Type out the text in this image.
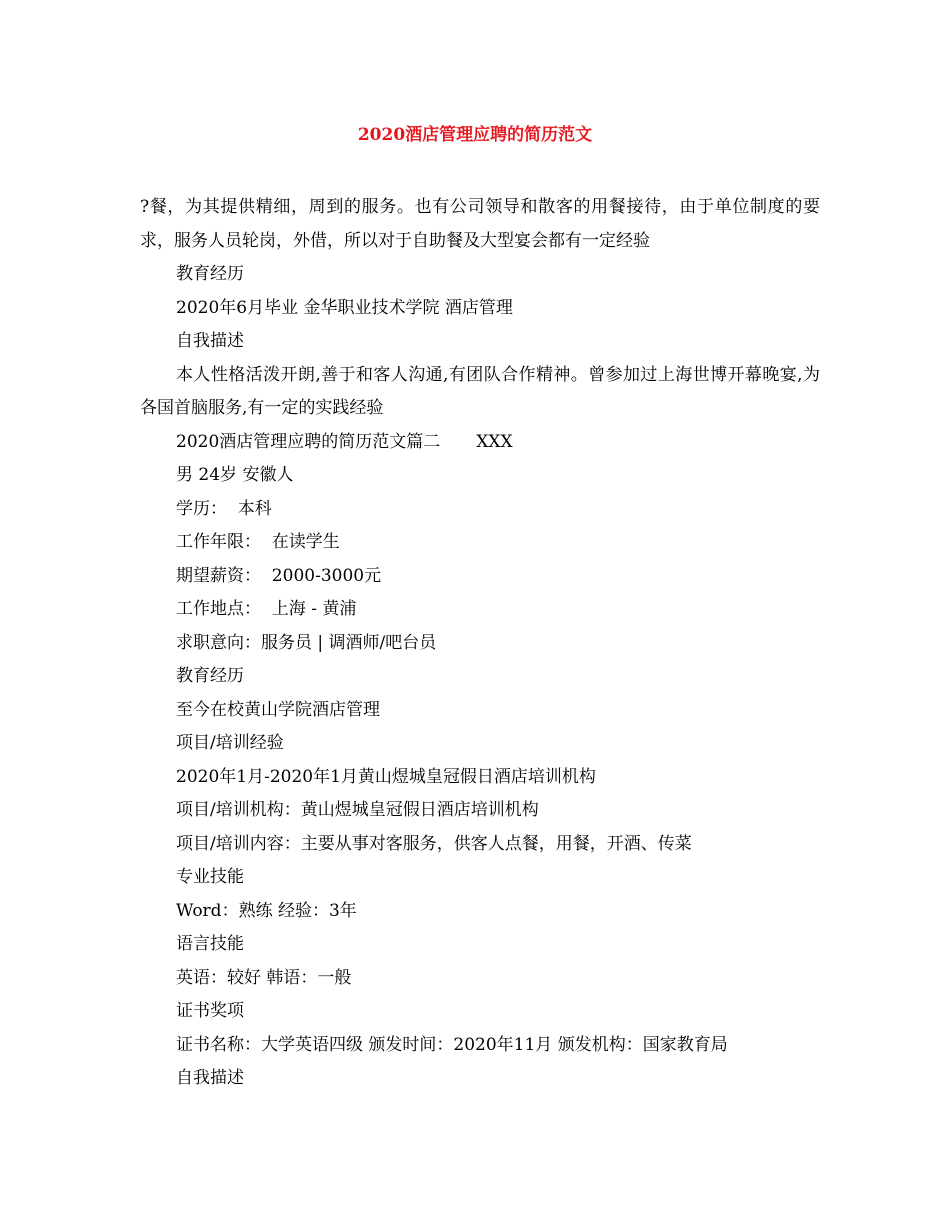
2020酒店管理应聘的简历范文

?餐，为其提供精细，周到的服务。也有公司领导和散客的用餐接待，由于单位制度的要求，服务人员轮岗，外借，所以对于自助餐及大型宴会都有一定经验

教育经历

2020年6月毕业 金华职业技术学院 酒店管理

自我描述

本人性格活泼开朗,善于和客人沟通,有团队合作精神。曾参加过上海世博开幕晚宴,为各国首脑服务,有一定的实践经验

2020酒店管理应聘的简历范文篇二 XXX

男 24岁 安徽人

学历：  本科

工作年限：  在读学生

期望薪资：  2000-3000元

工作地点：  上海 - 黄浦

求职意向：服务员 | 调酒师/吧台员

教育经历

至今在校黄山学院酒店管理

项目/培训经验

2020年1月-2020年1月黄山煜城皇冠假日酒店培训机构

项目/培训机构：黄山煜城皇冠假日酒店培训机构

项目/培训内容：主要从事对客服务，供客人点餐，用餐，开酒、传菜

专业技能

Word：熟练 经验：3年

语言技能

英语：较好 韩语：一般

证书奖项

证书名称：大学英语四级 颁发时间：2020年11月 颁发机构：国家教育局

自我描述
